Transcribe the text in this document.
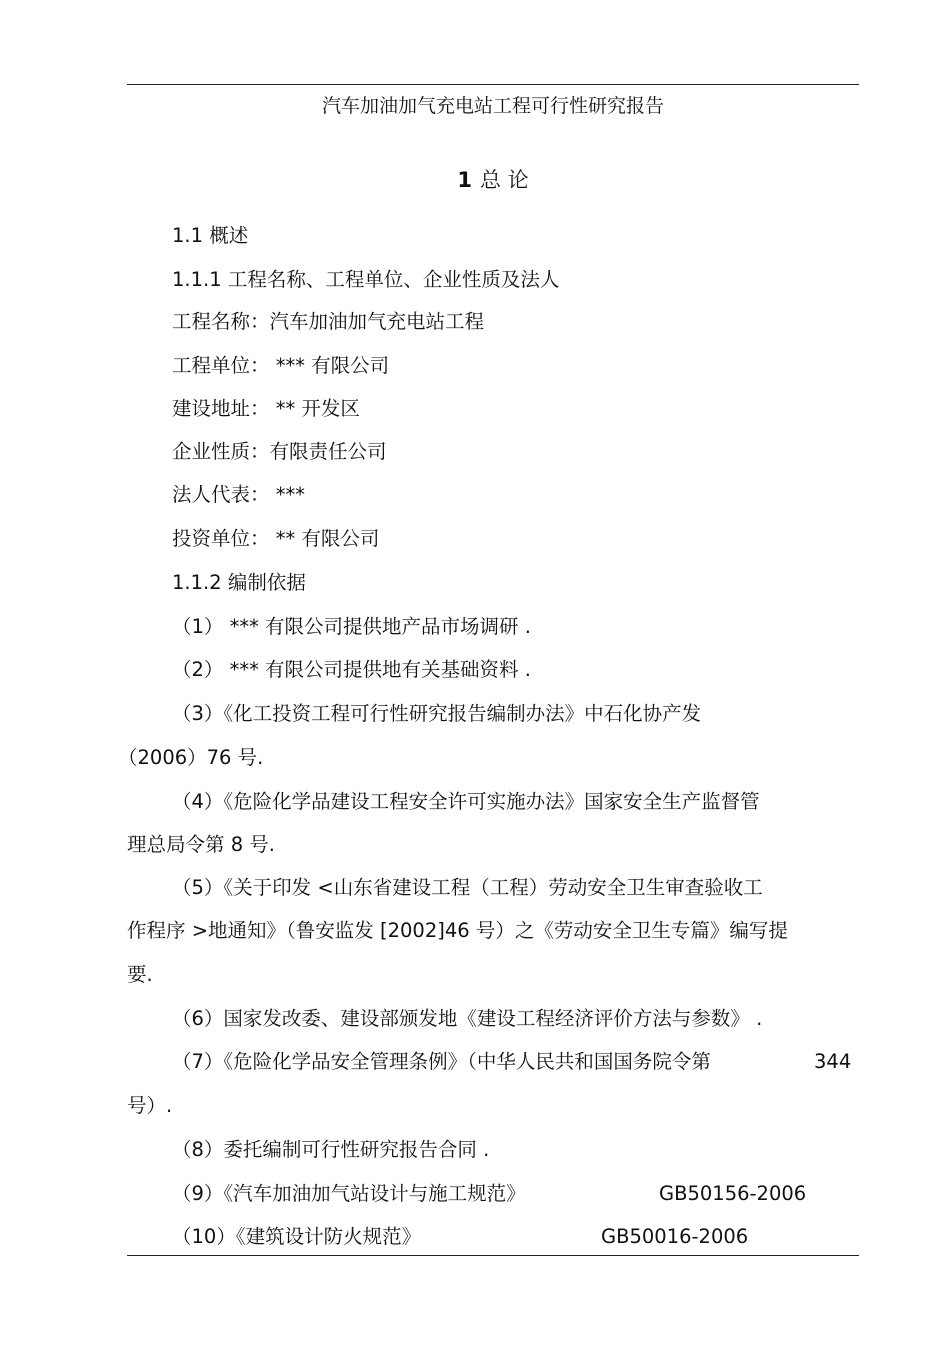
汽车加油加气充电站工程可行性研究报告
1 总 论
1.1 概述
1.1.1 工程名称、工程单位、企业性质及法人
工程名称：汽车加油加气充电站工程
工程单位： *** 有限公司
建设地址： ** 开发区
企业性质：有限责任公司
法人代表： ***
投资单位： ** 有限公司
1.1.2 编制依据
（1） *** 有限公司提供地产品市场调研 .
（2） *** 有限公司提供地有关基础资料 .
（3）《化工投资工程可行性研究报告编制办法》中石化协产发
（2006）76 号.
（4）《危险化学品建设工程安全许可实施办法》国家安全生产监督管
理总局令第 8 号.
（5）《关于印发 <山东省建设工程（工程）劳动安全卫生审查验收工
作程序 >地通知》（鲁安监发 [2002]46 号）之《劳动安全卫生专篇》编写提
要.
（6）国家发改委、建设部颁发地《建设工程经济评价方法与参数》 .
（7）《危险化学品安全管理条例》（中华人民共和国国务院令第	344
号）.
（8）委托编制可行性研究报告合同 .
（9）《汽车加油加气站设计与施工规范》	GB50156-2006
（10）《建筑设计防火规范》	GB50016-2006
